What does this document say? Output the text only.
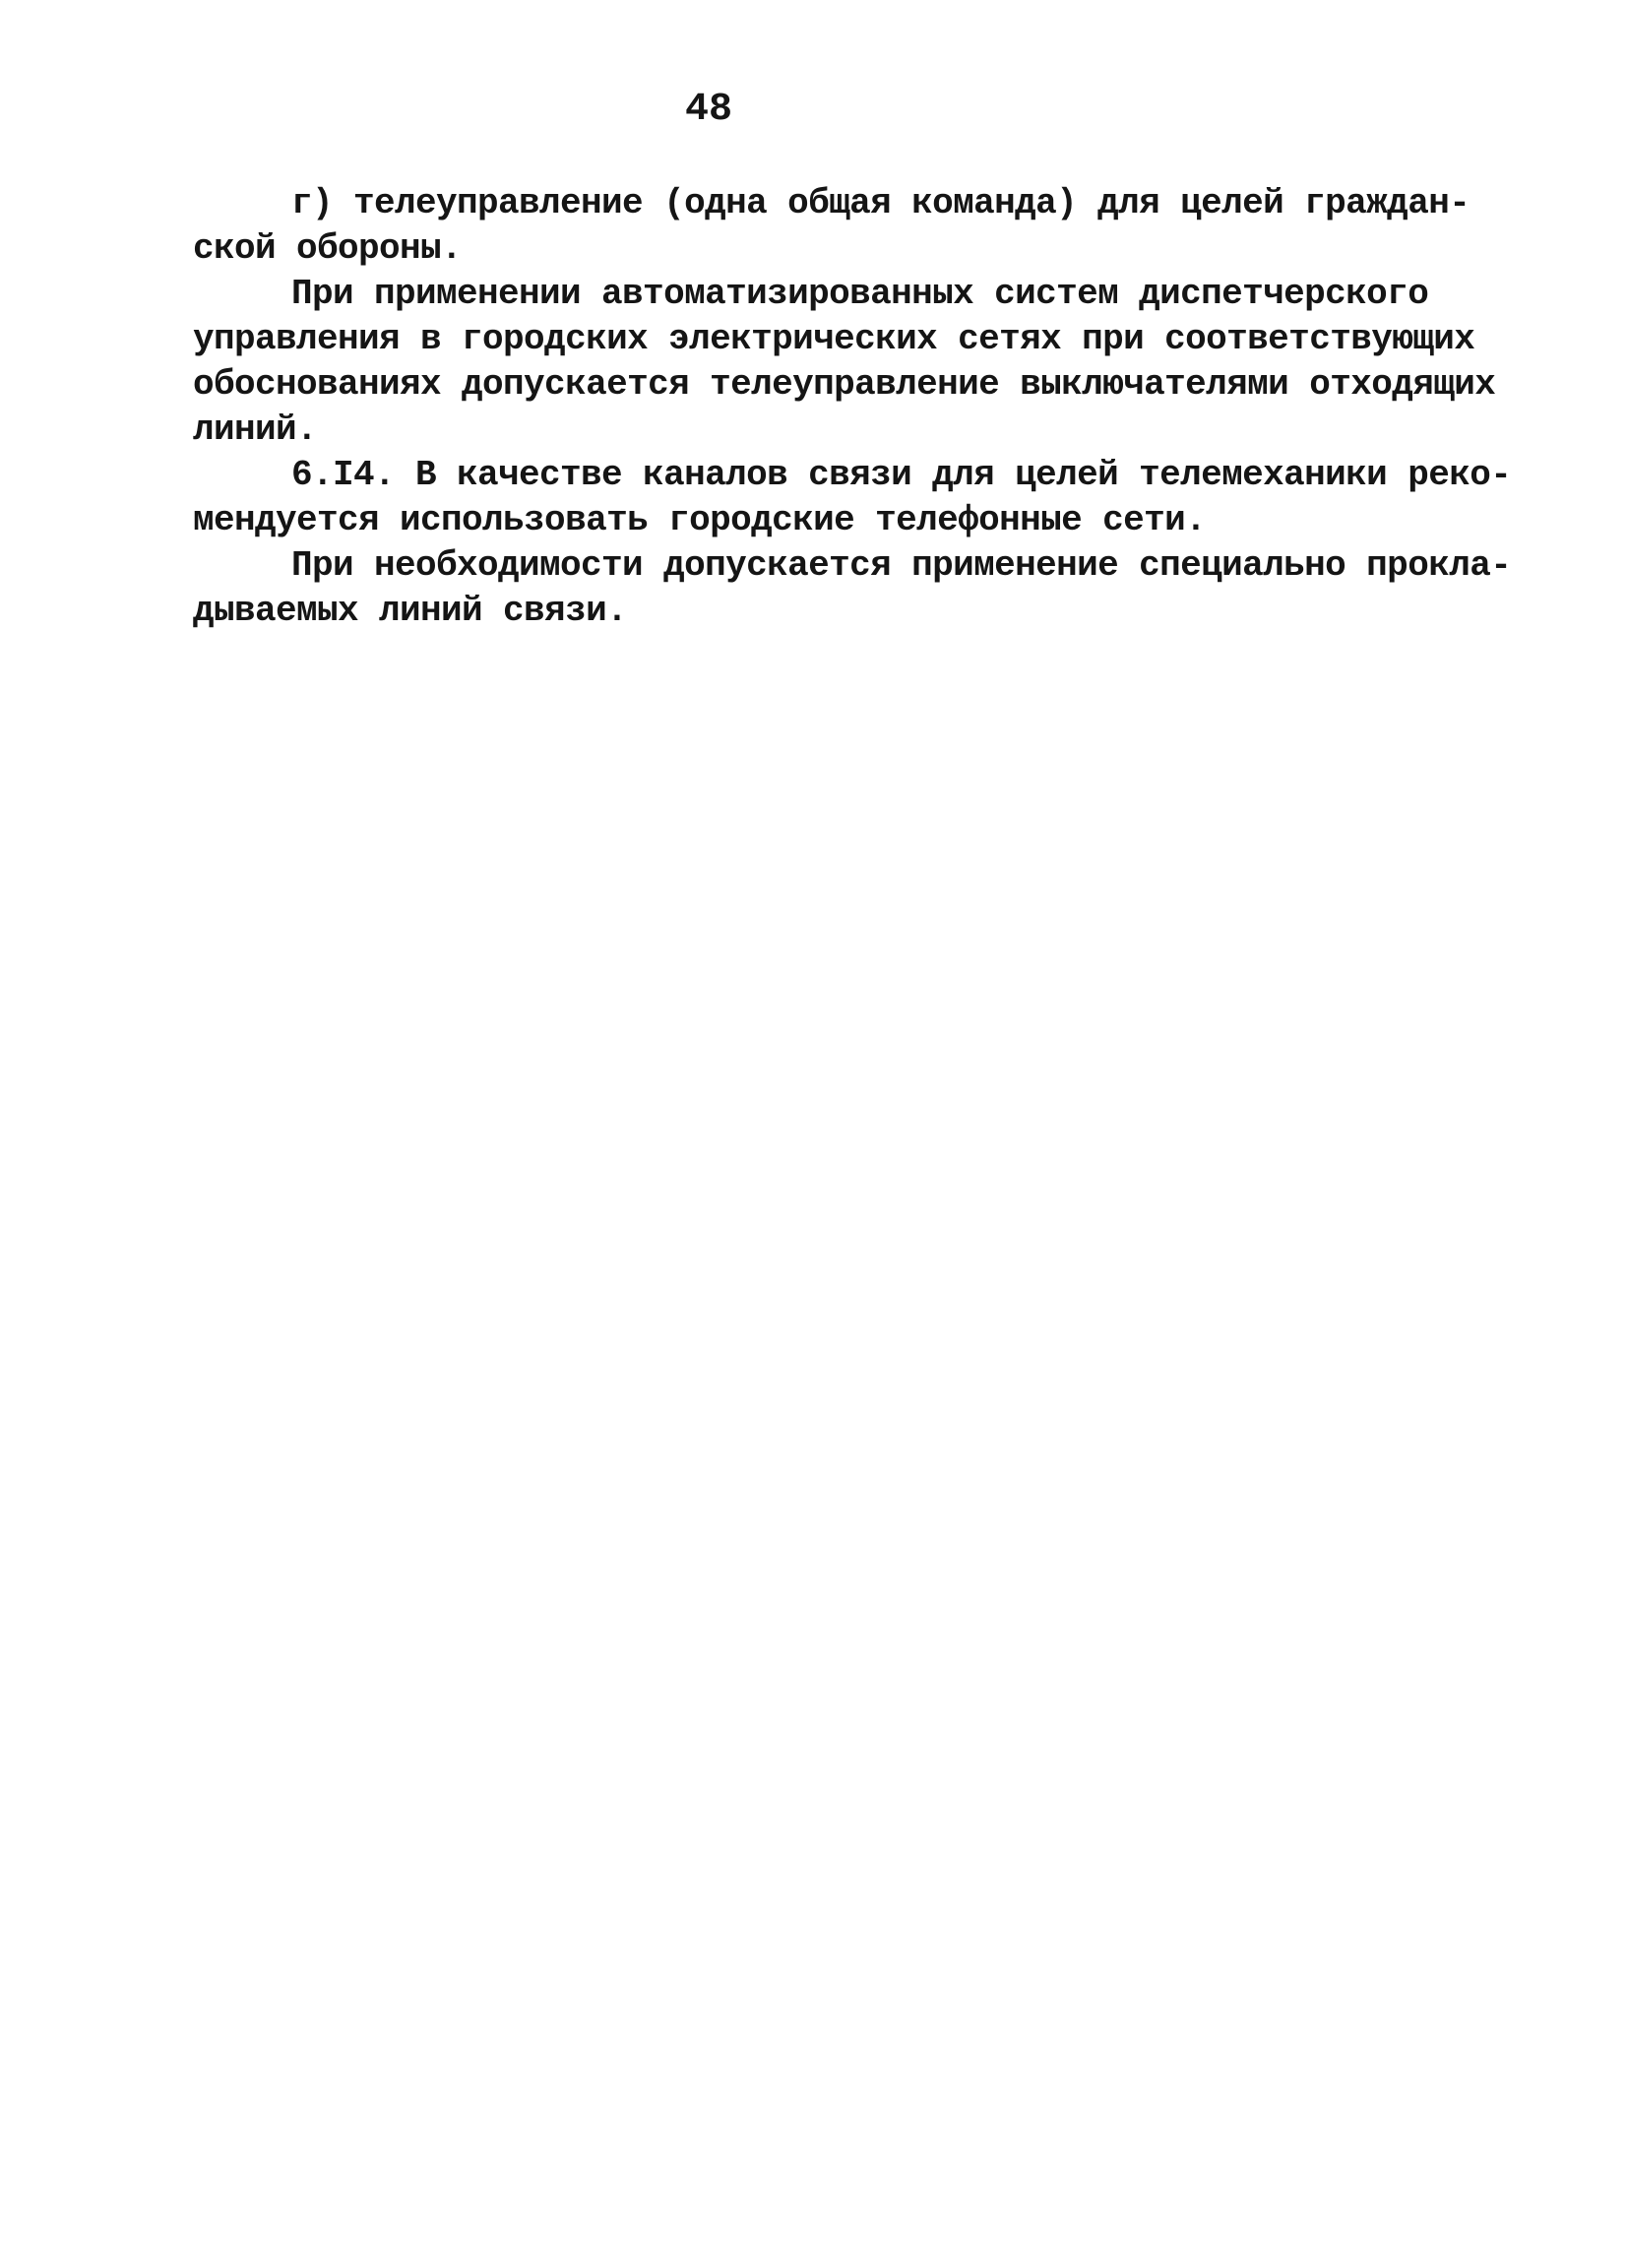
48
г) телеуправление (одна общая команда) для целей граждан-
ской обороны.
При применении автоматизированных систем диспетчерского
управления в городских электрических сетях при соответствующих
обоснованиях допускается телеуправление выключателями отходящих
линий.
6.I4. В качестве каналов связи для целей телемеханики реко-
мендуется использовать городские телефонные сети.
При необходимости допускается применение специально прокла-
дываемых линий связи.
